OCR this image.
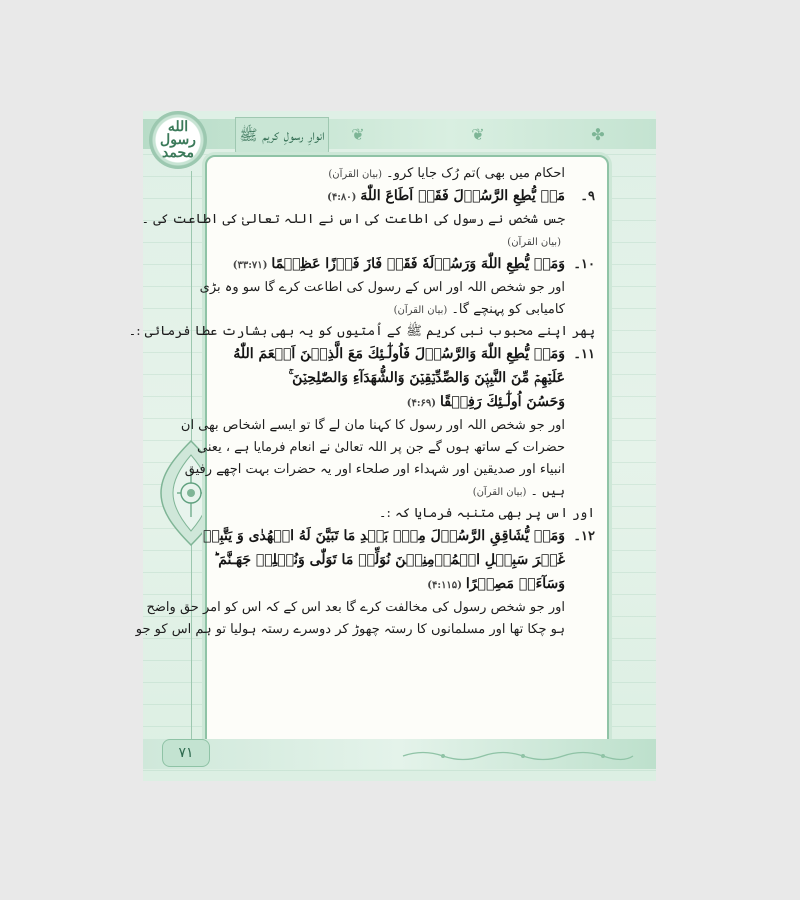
❦	❦	✤
انوارِ رسولِ کریم ﷺ
الله رسول محمد
احکام میں بھی )تم رُک جایا کرو۔(بیان القرآن)
۹۔مَنۡ يُّطِعِ الرَّسُوۡلَ فَقَدۡ اَطَاعَ اللّٰهَ(۴:۸۰)
جس شخص نے رسول کی اطاعت کی اس نے اللہ تعالیٰ کی اطاعت کی ۔
(بیان القرآن)
۱۰۔وَمَنۡ يُّطِعِ اللّٰهَ وَرَسُوۡلَهٗ فَقَدۡ فَازَ فَوۡزًا عَظِيۡمًا(۳۳:۷۱)
اور جو شخص اللہ اور اس کے رسول کی اطاعت کرے گا سو وہ بڑی
کامیابی کو پہنچے گا۔(بیان القرآن)
پھر اپنے محبوب نبی کریم ﷺ کے اُمتیوں کو یہ بھی بشارت عطا فرمائی :۔
۱۱۔وَمَنۡ يُّطِعِ اللّٰهَ وَالرَّسُوۡلَ فَاُولٰٓـئِكَ مَعَ الَّذِيۡنَ اَنۡعَمَ اللّٰهُ
عَلَيۡهِمۡ مِّنَ النَّبِيّٖنَ وَالصِّدِّيۡقِيۡنَ وَالشُّهَدَآءِ وَالصّٰلِحِيۡنَ ۚ
وَحَسُنَ اُولٰٓـئِكَ رَفِيۡقًا(۴:۶۹)
اور جو شخص اللہ اور رسول کا کہنا مان لے گا تو ایسے اشخاص بھی ان
حضرات کے ساتھ ہوں گے جن پر اللہ تعالیٰ نے انعام فرمایا ہے ، یعنی
انبیاء اور صدیقین اور شہداء اور صلحاء اور یہ حضرات بہت اچھے رفیق
ہیں ۔(بیان القرآن)
اور اس پر بھی متنبہ فرمایا کہ :۔
۱۲۔وَمَنۡ يُّشَاقِقِ الرَّسُوۡلَ مِنۡۢ بَعۡدِ مَا تَبَيَّنَ لَهُ الۡهُدٰى وَ يَتَّبِعۡ
غَيۡرَ سَبِيۡلِ الۡمُؤۡمِنِيۡنَ نُوَلِّهٖ مَا تَوَلّٰى وَنُصۡلِهٖ جَهَـنَّمَ ؕ
وَسَآءَتۡ مَصِيۡرًا(۴:۱۱۵)
اور جو شخص رسول کی مخالفت کرے گا بعد اس کے کہ اس کو امر حق واضح
ہو چکا تھا اور مسلمانوں کا رستہ چھوڑ کر دوسرے رستہ ہولیا تو ہم اس کو جو
۷۱
